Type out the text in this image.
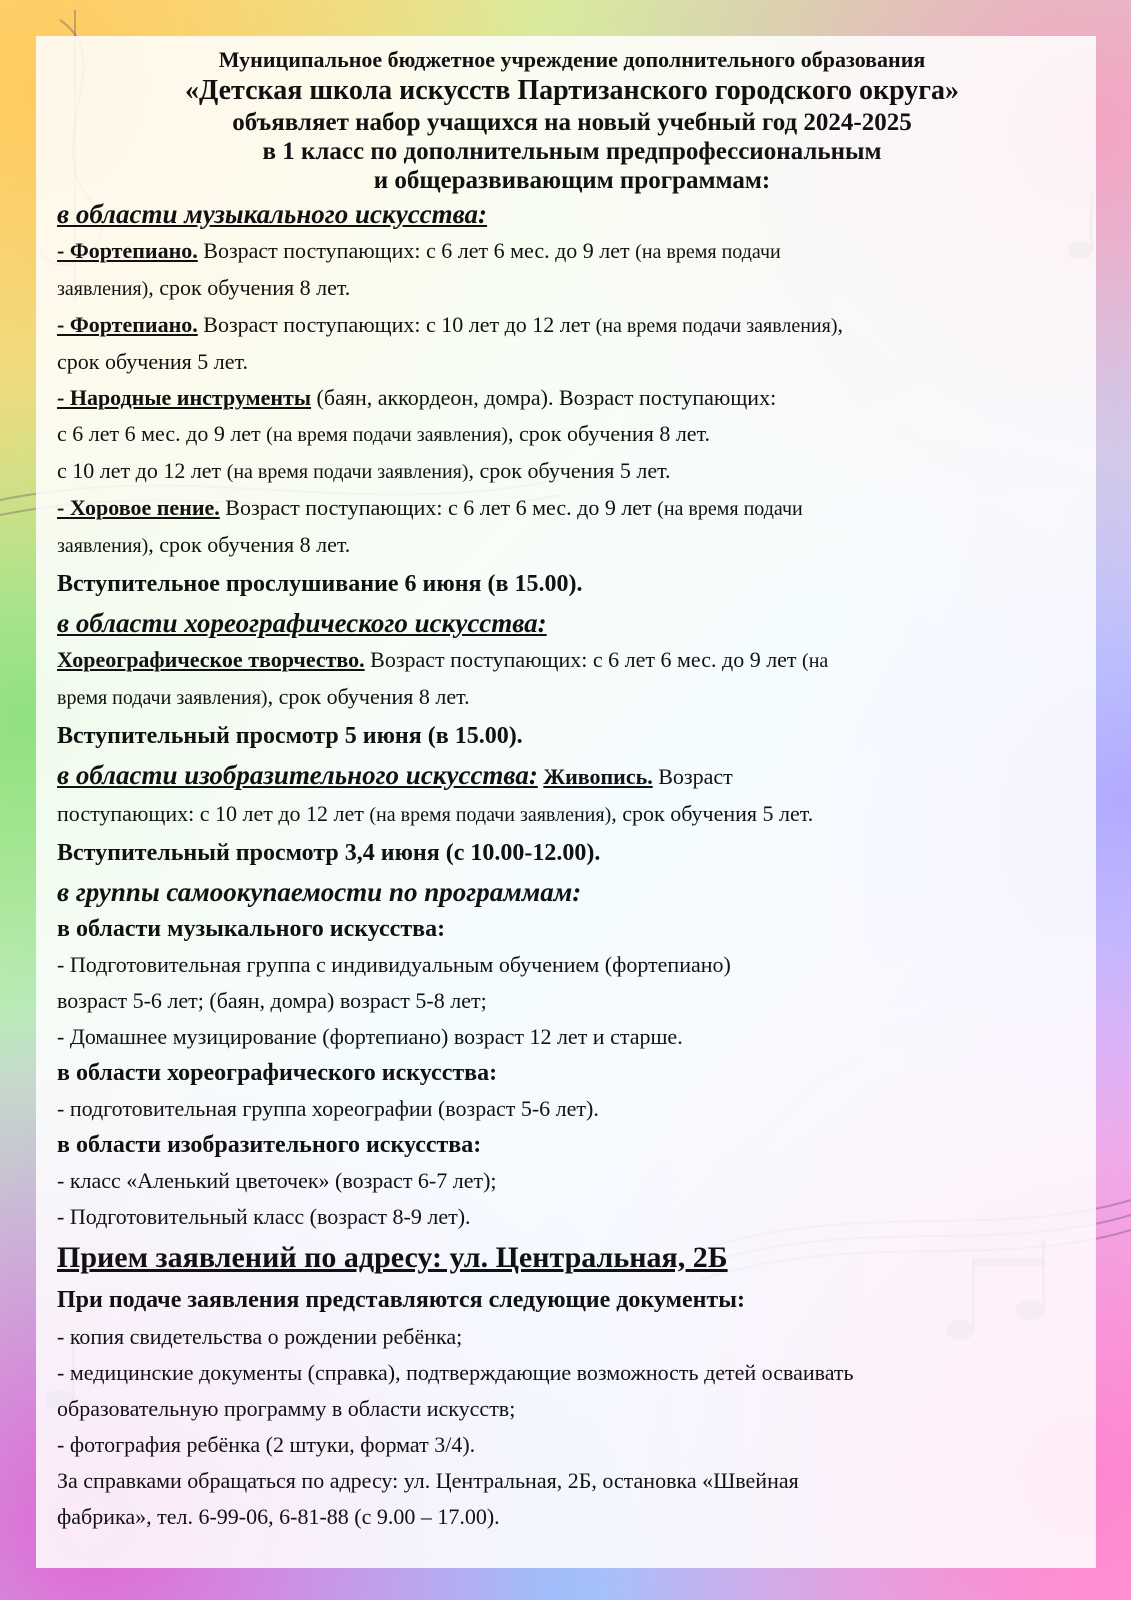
Муниципальное бюджетное учреждение дополнительного образования
«Детская школа искусств Партизанского городского округа»
объявляет набор учащихся на новый учебный год 2024-2025
в 1 класс по дополнительным предпрофессиональным
и общеразвивающим программам:
в области музыкального искусства:
- Фортепиано. Возраст поступающих: с 6 лет 6 мес. до 9 лет (на время подачи
заявления), срок обучения 8 лет.
- Фортепиано. Возраст поступающих: с 10 лет до 12 лет (на время подачи заявления),
срок обучения 5 лет.
- Народные инструменты (баян, аккордеон, домра). Возраст поступающих:
с 6 лет 6 мес. до 9 лет (на время подачи заявления), срок обучения 8 лет.
с 10 лет до 12 лет (на время подачи заявления), срок обучения 5 лет.
- Хоровое пение. Возраст поступающих: с 6 лет 6 мес. до 9 лет (на время подачи
заявления), срок обучения 8 лет.
Вступительное прослушивание 6 июня (в 15.00).
в области хореографического искусства:
Хореографическое творчество. Возраст поступающих: с 6 лет 6 мес. до 9 лет (на
время подачи заявления), срок обучения 8 лет.
Вступительный просмотр 5 июня (в 15.00).
в области изобразительного искусства: Живопись. Возраст
поступающих: с 10 лет до 12 лет (на время подачи заявления), срок обучения 5 лет.
Вступительный просмотр 3,4 июня (с 10.00-12.00).
в группы самоокупаемости по программам:
в области музыкального искусства:
- Подготовительная группа с индивидуальным обучением (фортепиано)
возраст 5-6 лет; (баян, домра) возраст 5-8 лет;
- Домашнее музицирование (фортепиано) возраст 12 лет и старше.
в области хореографического искусства:
- подготовительная группа хореографии (возраст 5-6 лет).
в области изобразительного искусства:
- класс «Аленький цветочек» (возраст 6-7 лет);
- Подготовительный класс (возраст 8-9 лет).
Прием заявлений по адресу: ул. Центральная, 2Б
При подаче заявления представляются следующие документы:
- копия свидетельства о рождении ребёнка;
- медицинские документы (справка), подтверждающие возможность детей осваивать
образовательную программу в области искусств;
- фотография ребёнка (2 штуки, формат 3/4).
За справками обращаться по адресу: ул. Центральная, 2Б, остановка «Швейная
фабрика», тел. 6-99-06, 6-81-88 (с 9.00 – 17.00).
